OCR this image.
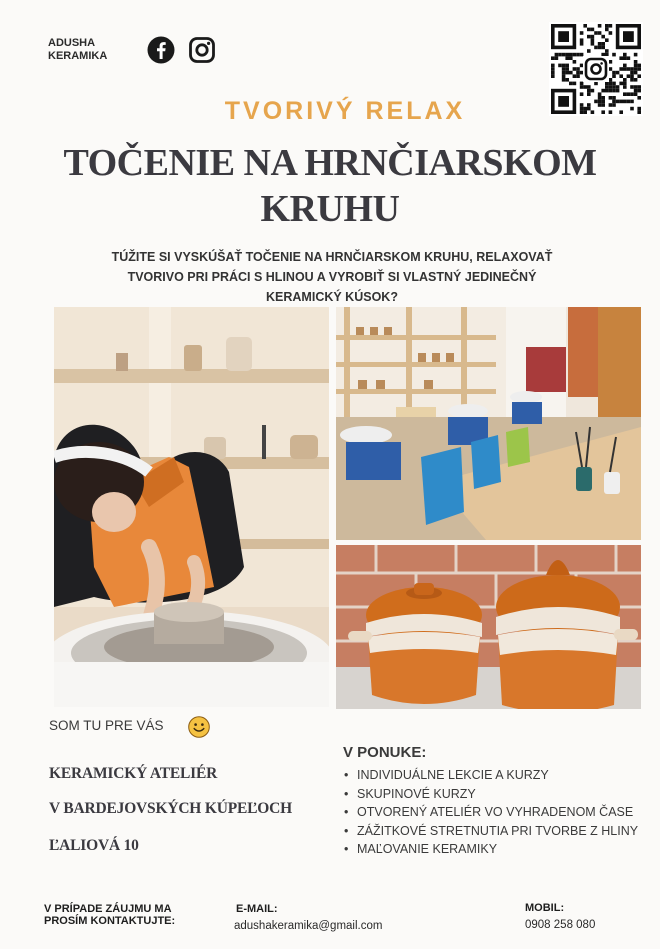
ADUSHA
KERAMIKA
TVORIVÝ RELAX
TOČENIE NA HRNČIARSKOM
KRUHU
TÚŽITE SI VYSKÚŠAŤ TOČENIE NA HRNČIARSKOM KRUHU, RELAXOVAŤ
TVORIVO PRI PRÁCI S HLINOU A VYROBIŤ SI VLASTNÝ JEDINEČNÝ
KERAMICKÝ KÚSOK?
SOM TU PRE VÁS
KERAMICKÝ ATELIÉR
V BARDEJOVSKÝCH KÚPEĽOCH
ĽALIOVÁ 10
V PONUKE:
• INDIVIDUÁLNE LEKCIE A KURZY
• SKUPINOVÉ KURZY
• OTVORENÝ ATELIÉR VO VYHRADENOM ČASE
• ZÁŽITKOVÉ STRETNUTIA PRI TVORBE Z HLINY
• MAĽOVANIE KERAMIKY
V PRÍPADE ZÁUJMU MA
PROSÍM KONTAKTUJTE:
E-MAIL:
adushakeramika@gmail.com
MOBIL:
0908 258 080
